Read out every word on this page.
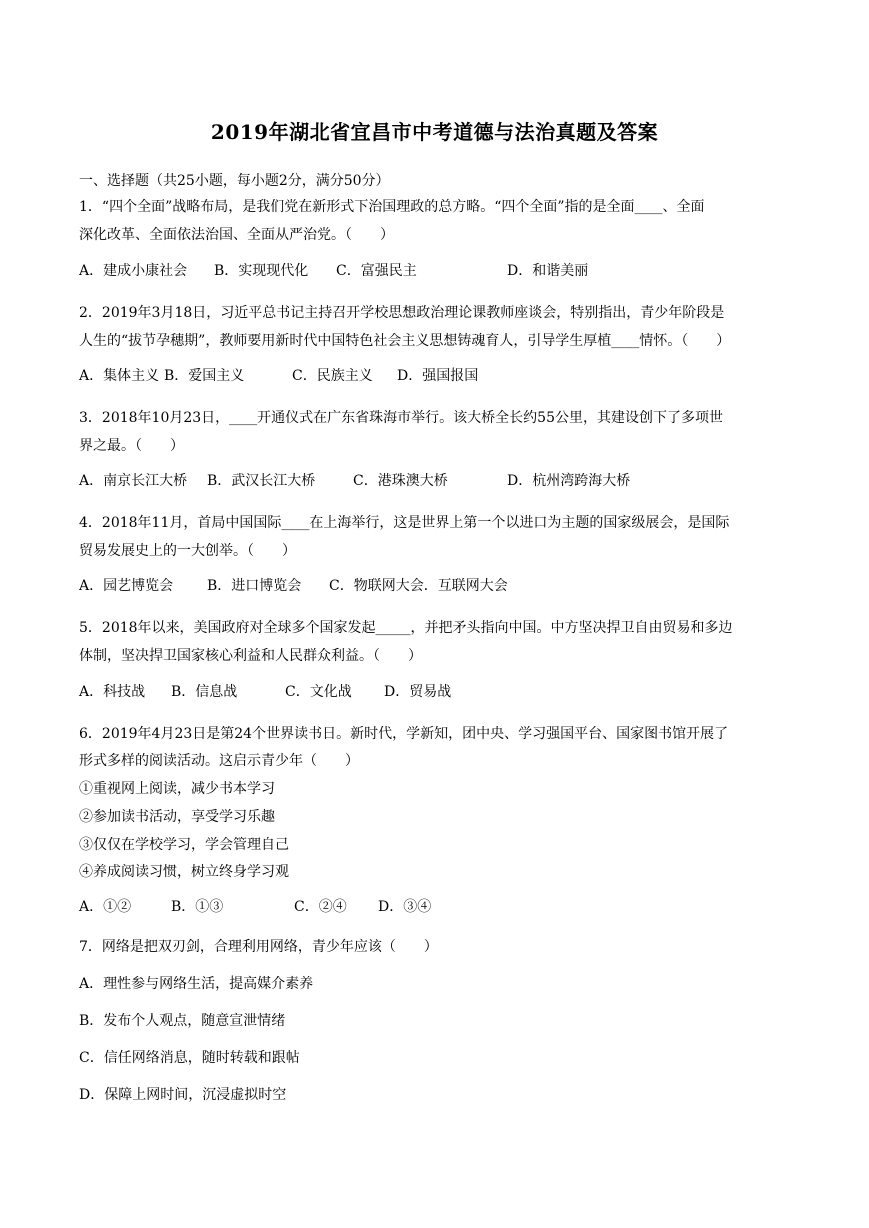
2019年湖北省宜昌市中考道德与法治真题及答案
一、选择题（共25小题，每小题2分，满分50分）
1．“四个全面”战略布局，是我们党在新形式下治国理政的总方略。“四个全面”指的是全面____、全面
深化改革、全面依法治国、全面从严治党。（　　）
A．建成小康社会 B．实现现代化 C．富强民主	D．和谐美丽
2．2019年3月18日，习近平总书记主持召开学校思想政治理论课教师座谈会，特别指出，青少年阶段是
人生的“拔节孕穗期”，教师要用新时代中国特色社会主义思想铸魂育人，引导学生厚植____情怀。（　　）
A．集体主义 B．爱国主义	C．民族主义 D．强国报国
3．2018年10月23日，____开通仪式在广东省珠海市举行。该大桥全长约55公里，其建设创下了多项世
界之最。（　　）
A．南京长江大桥 B．武汉长江大桥	C．港珠澳大桥	D．杭州湾跨海大桥
4．2018年11月，首局中国国际____在上海举行，这是世界上第一个以进口为主题的国家级展会，是国际
贸易发展史上的一大创举。（　　）
A．园艺博览会 B．进口博览会 C．物联网大会．互联网大会
5．2018年以来，美国政府对全球多个国家发起_____，并把矛头指向中国。中方坚决捍卫自由贸易和多边
体制，坚决捍卫国家核心利益和人民群众利益。（　　）
A．科技战 B．信息战	C．文化战 D．贸易战
6．2019年4月23日是第24个世界读书日。新时代，学新知，团中央、学习强国平台、国家图书馆开展了
形式多样的阅读活动。这启示青少年（　　）
①重视网上阅读，减少书本学习
②参加读书活动，享受学习乐趣
③仅仅在学校学习，学会管理自己
④养成阅读习惯，树立终身学习观
A．①②	B．①③	C．②④ D．③④
7．网络是把双刃剑，合理利用网络，青少年应该（　　）
A．理性参与网络生活，提高媒介素养
B．发布个人观点，随意宣泄情绪
C．信任网络消息，随时转载和跟帖
D．保障上网时间，沉浸虚拟时空
